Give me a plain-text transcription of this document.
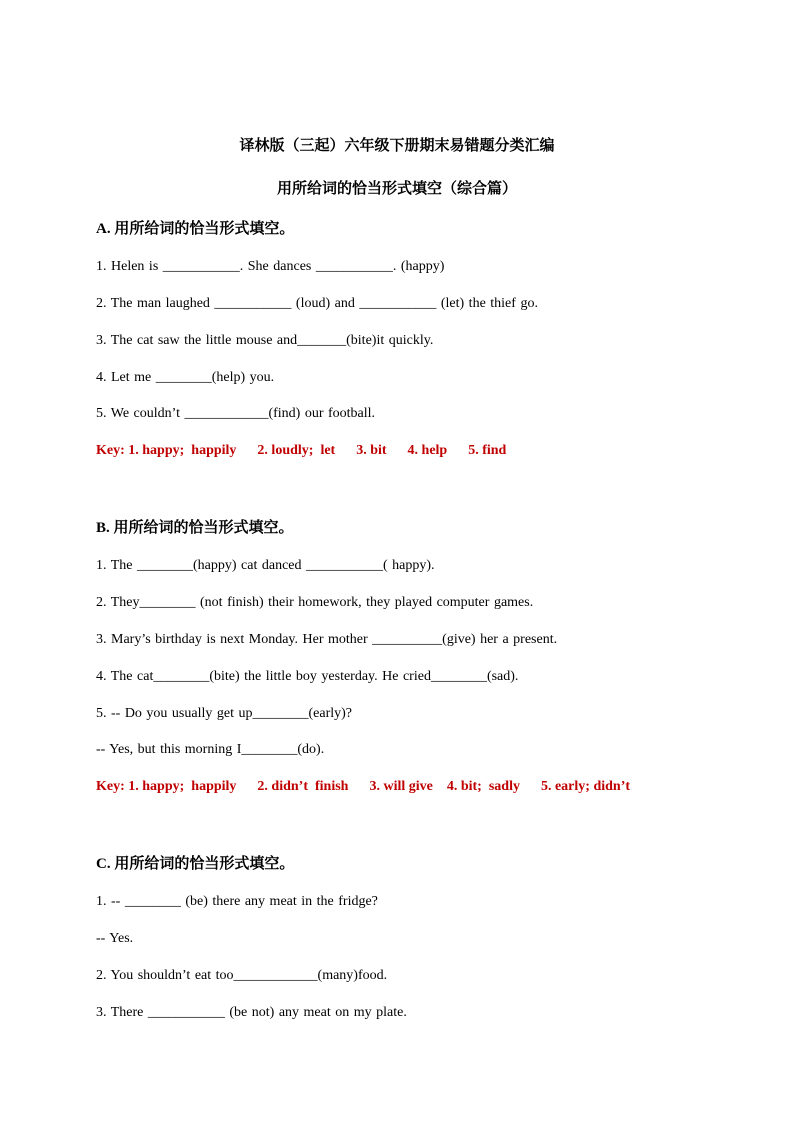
译林版（三起）六年级下册期末易错题分类汇编
用所给词的恰当形式填空（综合篇）
A. 用所给词的恰当形式填空。
1. Helen is ___________. She dances ___________. (happy)
2. The man laughed ___________ (loud) and ___________ (let) the thief go.
3. The cat saw the little mouse and_______(bite)it quickly.
4. Let me ________(help) you.
5. We couldn’t ____________(find) our football.
Key: 1. happy;  happily      2. loudly;  let      3. bit      4. help      5. find
B. 用所给词的恰当形式填空。
1. The ________(happy) cat danced ___________( happy).
2. They________ (not finish) their homework, they played computer games.
3. Mary’s birthday is next Monday. Her mother __________(give) her a present.
4. The cat________(bite) the little boy yesterday. He cried________(sad).
5. -- Do you usually get up________(early)?
-- Yes, but this morning I________(do).
Key: 1. happy;  happily      2. didn’t  finish      3. will give    4. bit;  sadly      5. early; didn’t
C. 用所给词的恰当形式填空。
1. -- ________ (be) there any meat in the fridge?
-- Yes.
2. You shouldn’t eat too____________(many)food.
3. There ___________ (be not) any meat on my plate.
